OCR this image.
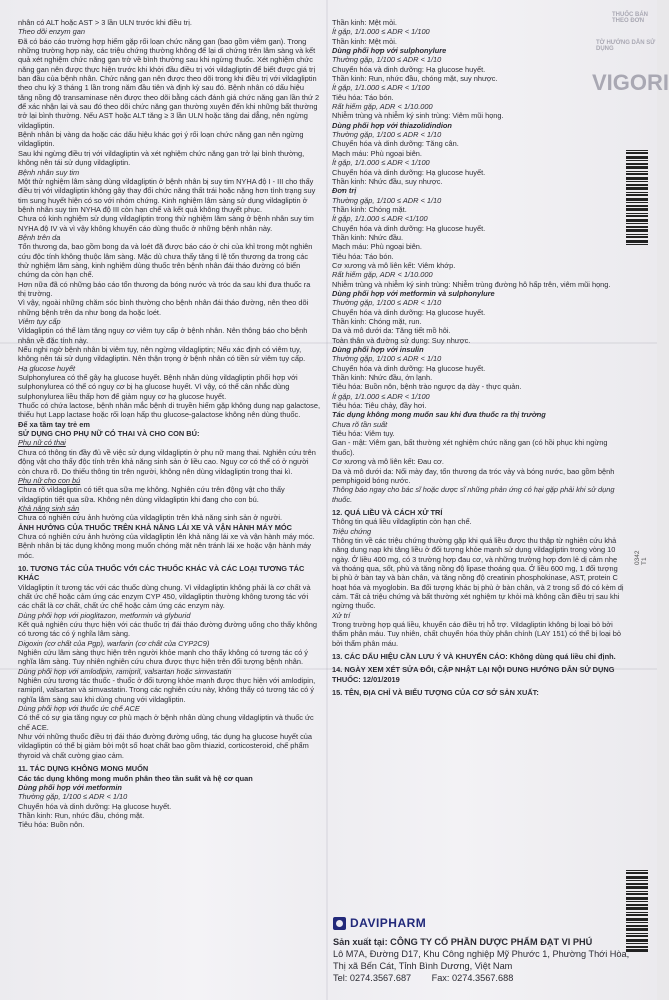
THUỐC BÁN THEO ĐƠN
VIGORI
TỜ HƯỚNG DẪN SỬ DỤNG

nhân có ALT hoặc AST > 3 lần ULN trước khi điều trị.

Theo dõi enzym gan

Đã có báo cáo trường hợp hiếm gặp rối loạn chức năng gan (bao gồm viêm gan). Trong những trường hợp này, các triệu chứng thường không để lại di chứng trên lâm sàng và kết quả xét nghiệm chức năng gan trở về bình thường sau khi ngừng thuốc. Xét nghiệm chức năng gan nên được thực hiện trước khi khởi đầu điều trị với vildagliptin để biết được giá trị ban đầu của bệnh nhân. Chức năng gan nên được theo dõi trong khi điều trị với vildagliptin theo chu kỳ 3 tháng 1 lần trong năm đầu tiên và định kỳ sau đó. Bệnh nhân có dấu hiệu tăng nồng độ transaminase nên được theo dõi bằng cách đánh giá chức năng gan lần thứ 2 để xác nhận lại và sau đó theo dõi chức năng gan thường xuyên đến khi những bất thường trở lại bình thường. Nếu AST hoặc ALT tăng ≥ 3 lần ULN hoặc tăng dai dẳng, nên ngừng vildagliptin.

Bệnh nhân bị vàng da hoặc các dấu hiệu khác gợi ý rối loạn chức năng gan nên ngừng vildagliptin.

Sau khi ngừng điều trị với vildagliptin và xét nghiệm chức năng gan trở lại bình thường, không nên tái sử dụng vildagliptin.

Bệnh nhân suy tim

Một thử nghiệm lâm sàng dùng vildagliptin ở bệnh nhân bị suy tim NYHA độ I - III cho thấy điều trị với vildagliptin không gây thay đổi chức năng thất trái hoặc nặng hơn tình trạng suy tim sung huyết hiện có so với nhóm chứng. Kinh nghiệm lâm sàng sử dụng vildagliptin ở bệnh nhân suy tim NYHA độ III còn hạn chế và kết quả không thuyết phục.

Chưa có kinh nghiệm sử dụng vildagliptin trong thử nghiệm lâm sàng ở bệnh nhân suy tim NYHA độ IV và vì vậy không khuyến cáo dùng thuốc ở những bệnh nhân này.

Bệnh trên da

Tổn thương da, bao gồm bong da và loét đã được báo cáo ở chi của khỉ trong một nghiên cứu độc tính không thuộc lâm sàng. Mặc dù chưa thấy tăng tỉ lệ tổn thương da trong các thử nghiệm lâm sàng, kinh nghiệm dùng thuốc trên bệnh nhân đái tháo đường có biến chứng da còn hạn chế.

Hơn nữa đã có những báo cáo tổn thương da bóng nước và tróc da sau khi đưa thuốc ra thị trường.

Vì vậy, ngoài những chăm sóc bình thường cho bệnh nhân đái tháo đường, nên theo dõi những bệnh trên da như bong da hoặc loét.

Viêm tụy cấp

Vildagliptin có thể làm tăng nguy cơ viêm tụy cấp ở bệnh nhân. Nên thông báo cho bệnh nhân về đặc tính này.

Nếu nghi ngờ bệnh nhân bị viêm tụy, nên ngừng vildagliptin; Nếu xác định có viêm tụy, không nên tái sử dụng vildagliptin. Nên thận trọng ở bệnh nhân có tiền sử viêm tụy cấp.

Hạ glucose huyết

Sulphonylurea có thể gây hạ glucose huyết. Bệnh nhân dùng vildagliptin phối hợp với sulphonylurea có thể có nguy cơ bị hạ glucose huyết. Vì vậy, có thể cân nhắc dùng sulphonylurea liều thấp hơn để giảm nguy cơ hạ glucose huyết.

Thuốc có chứa lactose, bệnh nhân mắc bệnh di truyền hiếm gặp không dung nạp galactose, thiếu hụt Lapp lactase hoặc rối loạn hấp thu glucose-galactose không nên dùng thuốc.

Để xa tầm tay trẻ em

SỬ DỤNG CHO PHỤ NỮ CÓ THAI VÀ CHO CON BÚ:

Phụ nữ có thai

Chưa có thông tin đầy đủ về việc sử dụng vildagliptin ở phụ nữ mang thai. Nghiên cứu trên động vật cho thấy độc tính trên khả năng sinh sản ở liều cao. Nguy cơ có thể có ở người còn chưa rõ. Do thiếu thông tin trên người, không nên dùng vildagliptin trong thai kì.

Phụ nữ cho con bú

Chưa rõ vildagliptin có tiết qua sữa mẹ không. Nghiên cứu trên động vật cho thấy vildagliptin tiết qua sữa. Không nên dùng vildagliptin khi đang cho con bú.

Khả năng sinh sản

Chưa có nghiên cứu ảnh hưởng của vildagliptin trên khả năng sinh sản ở người.

ẢNH HƯỞNG CỦA THUỐC TRÊN KHẢ NĂNG LÁI XE VÀ VẬN HÀNH MÁY MÓC

Chưa có nghiên cứu ảnh hưởng của vildagliptin lên khả năng lái xe và vận hành máy móc. Bệnh nhân bị tác dụng không mong muốn chóng mặt nên tránh lái xe hoặc vận hành máy móc.

10. TƯƠNG TÁC CỦA THUỐC VỚI CÁC THUỐC KHÁC VÀ CÁC LOẠI TƯƠNG TÁC KHÁC

Vildagliptin ít tương tác với các thuốc dùng chung. Vì vildagliptin không phải là cơ chất và chất ức chế hoặc cảm ứng các enzym CYP 450, vildagliptin thường không tương tác với các chất là cơ chất, chất ức chế hoặc cảm ứng các enzym này.

Dùng phối hợp với pioglitazon, metformin và glyburid

Kết quả nghiên cứu thực hiện với các thuốc trị đái tháo đường đường uống cho thấy không có tương tác có ý nghĩa lâm sàng.

Digoxin (cơ chất của Pgp), warfarin (cơ chất của CYP2C9)

Nghiên cứu lâm sàng thực hiện trên người khỏe mạnh cho thấy không có tương tác có ý nghĩa lâm sàng. Tuy nhiên nghiên cứu chưa được thực hiện trên đối tượng bệnh nhân.

Dùng phối hợp với amlodipin, ramipril, valsartan hoặc simvastatin

Nghiên cứu tương tác thuốc - thuốc ở đối tượng khỏe mạnh được thực hiện với amlodipin, ramipril, valsartan và simvastatin. Trong các nghiên cứu này, không thấy có tương tác có ý nghĩa lâm sàng sau khi dùng chung với vildagliptin.

Dùng phối hợp với thuốc ức chế ACE

Có thể có sự gia tăng nguy cơ phù mạch ở bệnh nhân dùng chung vildagliptin và thuốc ức chế ACE.

Như với những thuốc điều trị đái tháo đường đường uống, tác dụng hạ glucose huyết của vildagliptin có thể bị giảm bởi một số hoạt chất bao gồm thiazid, corticosteroid, chế phẩm thyroid và chất cường giao cảm.

11. TÁC DỤNG KHÔNG MONG MUỐN

Các tác dụng không mong muốn phân theo tần suất và hệ cơ quan

Dùng phối hợp với metformin

Thường gặp, 1/100 ≤ ADR < 1/10

Chuyển hóa và dinh dưỡng: Hạ glucose huyết.

Thần kinh: Run, nhức đầu, chóng mặt.

Tiêu hóa: Buồn nôn.

Thần kinh: Mệt mỏi.

Ít gặp, 1/1.000 ≤ ADR < 1/100

Thần kinh: Mệt mỏi.

Dùng phối hợp với sulphonylure

Thường gặp, 1/100 ≤ ADR < 1/10

Chuyển hóa và dinh dưỡng: Hạ glucose huyết.

Thần kinh: Run, nhức đầu, chóng mặt, suy nhược.

Ít gặp, 1/1.000 ≤ ADR < 1/100

Tiêu hóa: Táo bón.

Rất hiếm gặp, ADR < 1/10.000

Nhiễm trùng và nhiễm ký sinh trùng: Viêm mũi họng.

Dùng phối hợp với thiazolidindion

Thường gặp, 1/100 ≤ ADR < 1/10

Chuyển hóa và dinh dưỡng: Tăng cân.

Mạch máu: Phù ngoại biên.

Ít gặp, 1/1.000 ≤ ADR < 1/100

Chuyển hóa và dinh dưỡng: Hạ glucose huyết.

Thần kinh: Nhức đầu, suy nhược.

Đơn trị

Thường gặp, 1/100 ≤ ADR < 1/10

Thần kinh: Chóng mặt.

Ít gặp, 1/1.000 ≤ ADR <1/100

Chuyển hóa và dinh dưỡng: Hạ glucose huyết.

Thần kinh: Nhức đầu.

Mạch máu: Phù ngoại biên.

Tiêu hóa: Táo bón.

Cơ xương và mô liên kết: Viêm khớp.

Rất hiếm gặp, ADR < 1/10.000

Nhiễm trùng và nhiễm ký sinh trùng: Nhiễm trùng đường hô hấp trên, viêm mũi họng.

Dùng phối hợp với metformin và sulphonylure

Thường gặp, 1/100 ≤ ADR < 1/10

Chuyển hóa và dinh dưỡng: Hạ glucose huyết.

Thần kinh: Chóng mặt, run.

Da và mô dưới da: Tăng tiết mồ hôi.

Toàn thân và đường sử dụng: Suy nhược.

Dùng phối hợp với insulin

Thường gặp, 1/100 ≤ ADR < 1/10

Chuyển hóa và dinh dưỡng: Hạ glucose huyết.

Thần kinh: Nhức đầu, ớn lạnh.

Tiêu hóa: Buồn nôn, bệnh trào ngược dạ dày - thực quản.

Ít gặp, 1/1.000 ≤ ADR < 1/100

Tiêu hóa: Tiêu chảy, đầy hơi.

Tác dụng không mong muốn sau khi đưa thuốc ra thị trường

Chưa rõ tần suất

Tiêu hóa: Viêm tụy.

Gan - mật: Viêm gan, bất thường xét nghiệm chức năng gan (có hồi phục khi ngừng thuốc).

Cơ xương và mô liên kết: Đau cơ.

Da và mô dưới da: Nổi mày đay, tổn thương da tróc vảy và bóng nước, bao gồm bệnh pemphigoid bóng nước.

Thông báo ngay cho bác sĩ hoặc dược sĩ những phản ứng có hại gặp phải khi sử dụng thuốc.

12. QUÁ LIỀU VÀ CÁCH XỬ TRÍ

Thông tin quá liều vildagliptin còn hạn chế.

Triệu chứng

Thông tin về các triệu chứng thường gặp khi quá liều được thu thập từ nghiên cứu khả năng dung nạp khi tăng liều ở đối tượng khỏe mạnh sử dụng vildagliptin trong vòng 10 ngày. Ở liều 400 mg, có 3 trường hợp đau cơ, và những trường hợp đơn lẻ dị cảm nhẹ và thoáng qua, sốt, phù và tăng nồng độ lipase thoáng qua. Ở liều 600 mg, 1 đối tượng bị phù ở bàn tay và bàn chân, và tăng nồng độ creatinin phosphokinase, AST, protein C hoạt hóa và myoglobin. Ba đối tượng khác bị phù ở bàn chân, và 2 trong số đó có kèm dị cảm. Tất cả triệu chứng và bất thường xét nghiệm tự khỏi mà không cần điều trị sau khi ngừng thuốc.

Xử trí

Trong trường hợp quá liều, khuyến cáo điều trị hỗ trợ. Vildagliptin không bị loại bỏ bởi thẩm phân máu. Tuy nhiên, chất chuyển hóa thủy phân chính (LAY 151) có thể bị loại bỏ bởi thẩm phân máu.

13. CÁC DẤU HIỆU CẦN LƯU Ý VÀ KHUYẾN CÁO: Không dùng quá liều chỉ định.

14. NGÀY XEM XÉT SỬA ĐỔI, CẬP NHẬT LẠI NỘI DUNG HƯỚNG DẪN SỬ DỤNG THUỐC: 12/01/2019

15. TÊN, ĐỊA CHỈ VÀ BIỂU TƯỢNG CỦA CƠ SỞ SẢN XUẤT:

0342 T1
DAVIPHARM
Sản xuất tại: CÔNG TY CỔ PHẦN DƯỢC PHẨM ĐẠT VI PHÚ
Lô M7A, Đường D17, Khu Công nghiệp Mỹ Phước 1, Phường Thới Hòa, Thị xã Bến Cát, Tỉnh Bình Dương, Việt Nam
Tel: 0274.3567.687        Fax: 0274.3567.688
